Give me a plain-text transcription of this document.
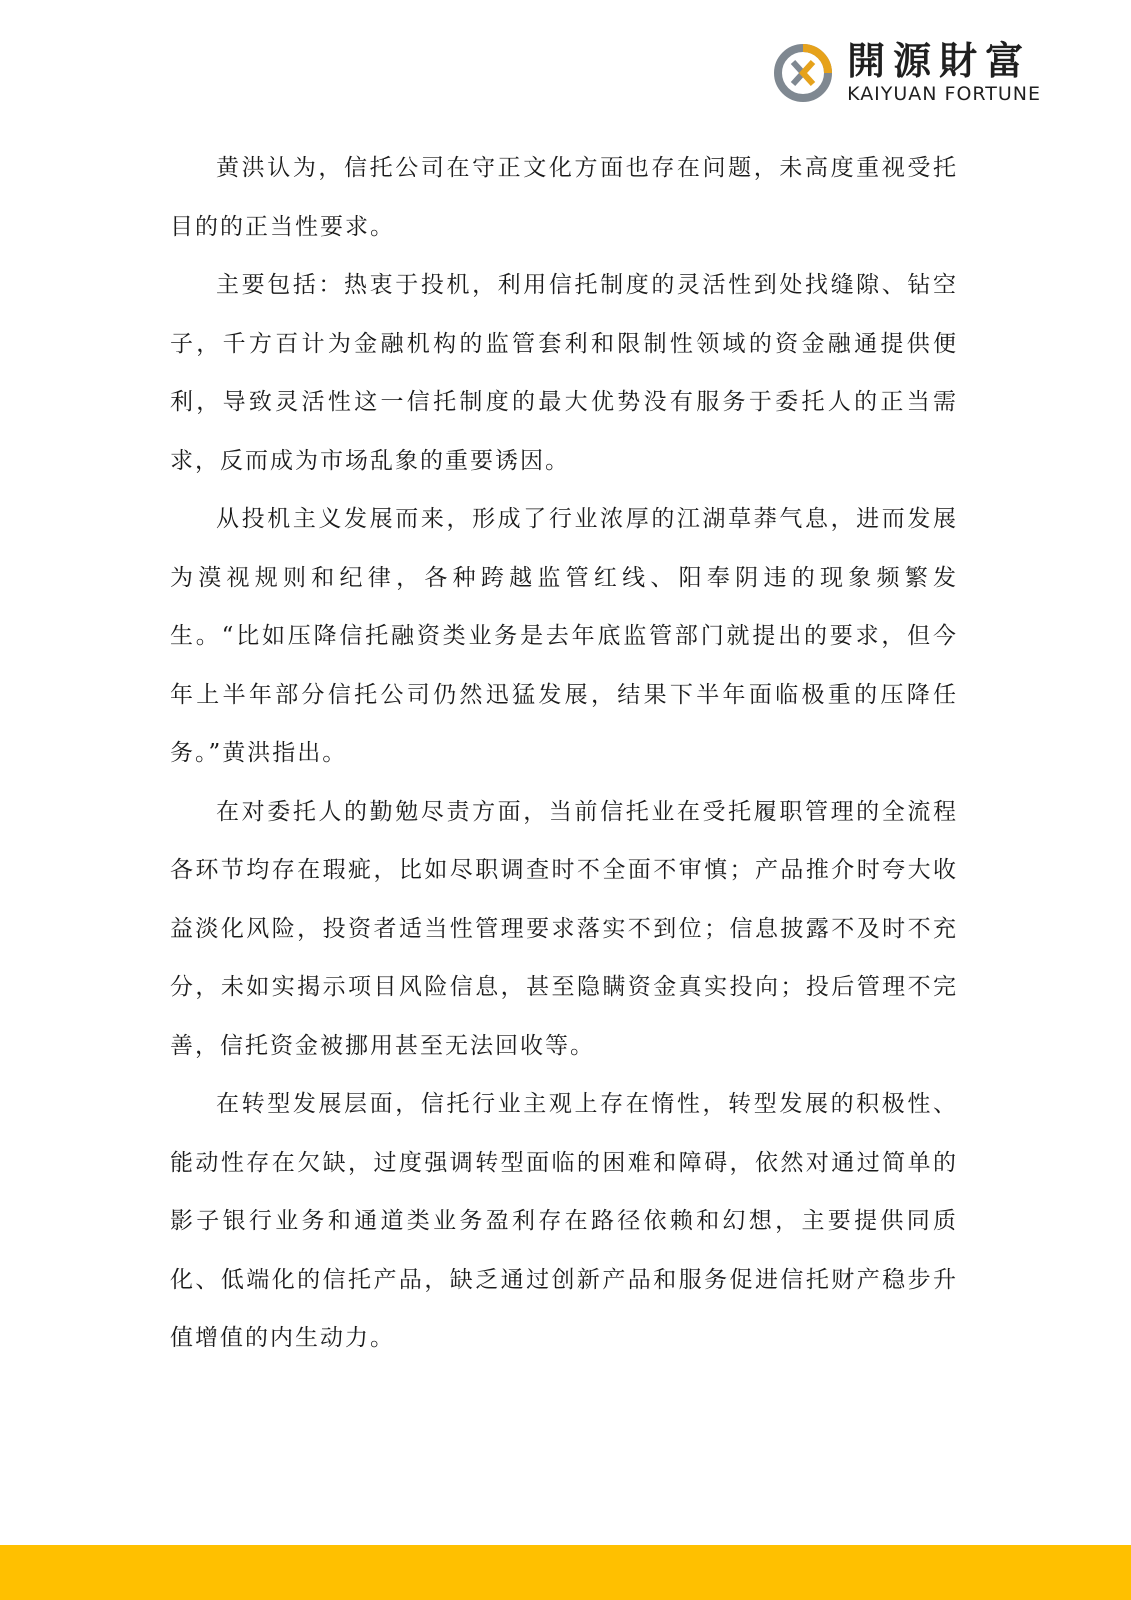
開源財富
KAIYUAN FORTUNE

黄洪认为，信托公司在守正文化方面也存在问题，未高度重视受托目的的正当性要求。

主要包括：热衷于投机，利用信托制度的灵活性到处找缝隙、钻空子，千方百计为金融机构的监管套利和限制性领域的资金融通提供便利，导致灵活性这一信托制度的最大优势没有服务于委托人的正当需求，反而成为市场乱象的重要诱因。

从投机主义发展而来，形成了行业浓厚的江湖草莽气息，进而发展为漠视规则和纪律，各种跨越监管红线、阳奉阴违的现象频繁发生。“比如压降信托融资类业务是去年底监管部门就提出的要求，但今年上半年部分信托公司仍然迅猛发展，结果下半年面临极重的压降任务。”黄洪指出。

在对委托人的勤勉尽责方面，当前信托业在受托履职管理的全流程各环节均存在瑕疵，比如尽职调查时不全面不审慎；产品推介时夸大收益淡化风险，投资者适当性管理要求落实不到位；信息披露不及时不充分，未如实揭示项目风险信息，甚至隐瞒资金真实投向；投后管理不完善，信托资金被挪用甚至无法回收等。

在转型发展层面，信托行业主观上存在惰性，转型发展的积极性、能动性存在欠缺，过度强调转型面临的困难和障碍，依然对通过简单的影子银行业务和通道类业务盈利存在路径依赖和幻想，主要提供同质化、低端化的信托产品，缺乏通过创新产品和服务促进信托财产稳步升值增值的内生动力。
